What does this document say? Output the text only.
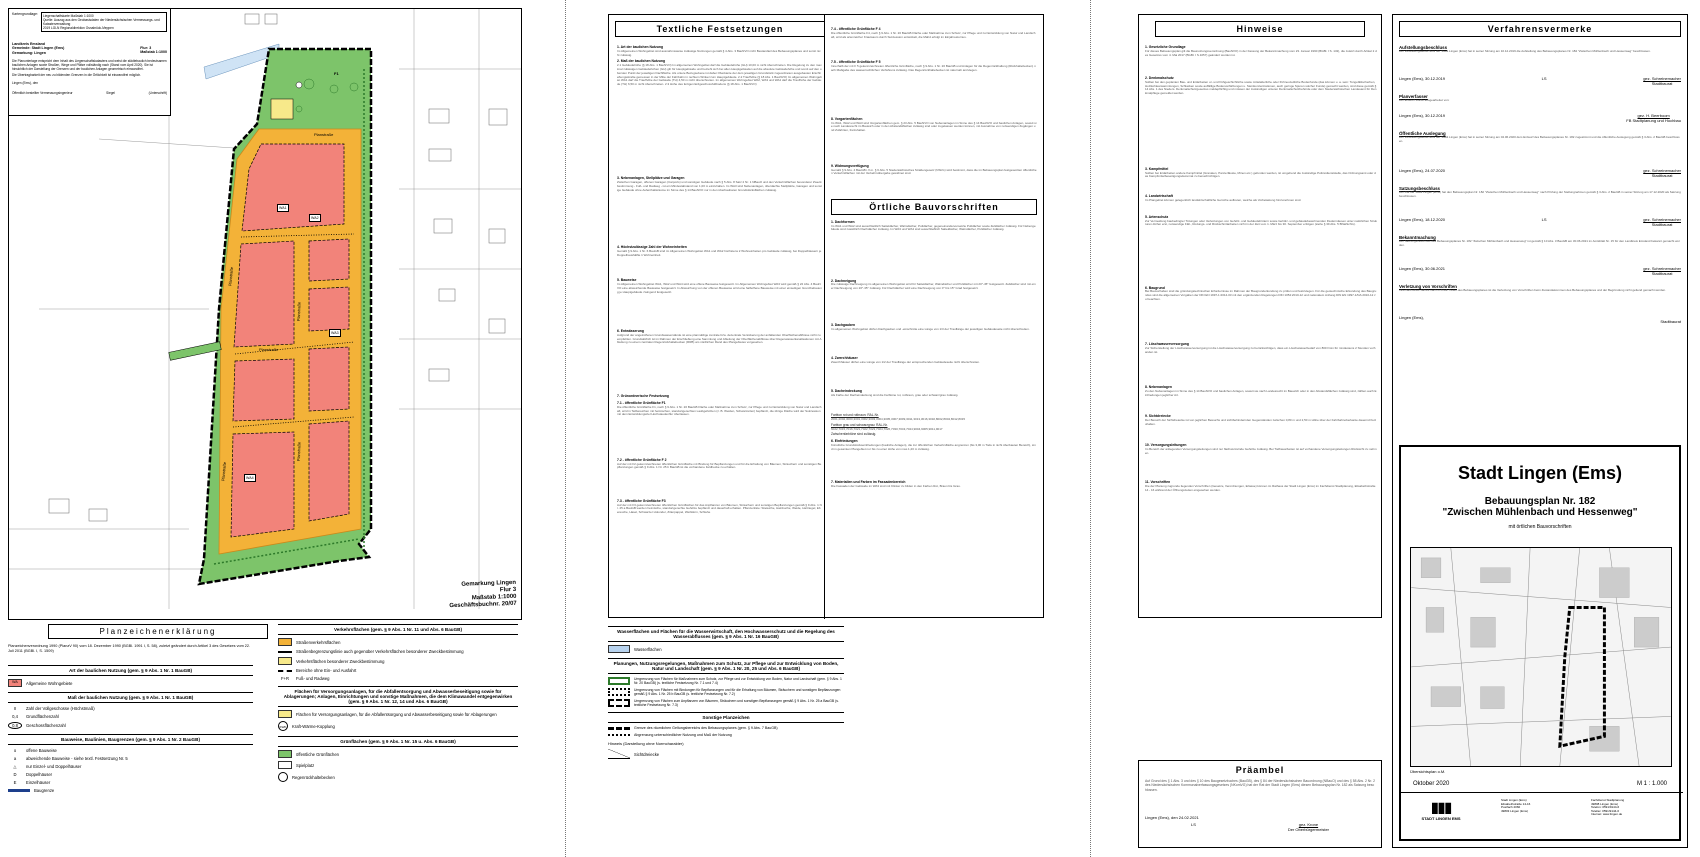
Kartengrundlage: Liegenschaftskarte Maßstab 1:1000
Quelle: Auszug aus den Geobasisdaten der Niedersächsischen Vermessungs- und Katasterverwaltung
2019 LGLN Regionaldirektion Osnabrück-Meppen
Landkreis Emsland
Gemeinde: Stadt Lingen (Ems)
Gemarkung: Lingen
Flur: 3
Maßstab 1:1000
Die Planunterlage entspricht dem Inhalt des Liegenschaftskatasters und weist die städtebaulich bedeutsamen baulichen Anlagen sowie Straßen, Wege und Plätze vollständig nach (Stand vom April 2020). Sie ist hinsichtlich der Darstellung der Grenzen und der baulichen Anlagen geometrisch einwandfrei.
Die Übertragbarkeit der neu zu bildenden Grenzen in die Örtlichkeit ist einwandfrei möglich.
Lingen (Ems), den
Öffentlich bestellter Vermessungsingenieur	Siegel	(Unterschrift)
Planstraße
Planstraße
Planstraße
Planstraße
Planstraße
Planstraße
WA1
WA2
WA3
WA4
F1
Gemarkung Lingen
Flur 3
Maßstab 1:1000
Geschäftsbuchnr. 20/07
Planzeichenerklärung
Planzeichenverordnung 1990 (PlanzV 90) vom 18. Dezember 1990 (BGBl. 1991 I, S. 58), zuletzt geändert durch Artikel 3 des Gesetzes vom 22. Juli 2011 (BGBl. I, S. 1509)
Art der baulichen Nutzung (gem. § 9 Abs. 1 Nr. 1 BauGB)
WA	Allgemeine Wohngebiete
Maß der baulichen Nutzung (gem. § 9 Abs. 1 Nr. 1 BauGB)
II	Zahl der Vollgeschosse (Höchstmaß)
0,4	Grundflächenzahl
0,8	Geschossflächenzahl
Bauweise, Baulinien, Baugrenzen (gem. § 9 Abs. 1 Nr. 2 BauGB)
o	offene Bauweise
a	abweichende Bauweise - siehe textl. Festsetzung Nr. 5
△	nur Einzel- und Doppelhäuser
D	Doppelhäuser
E	Einzelhäuser
Baugrenze
Verkehrsflächen (gem. § 9 Abs. 1 Nr. 11 und Abs. 6 BauGB)
Straßenverkehrsflächen
Straßenbegrenzungslinie auch gegenüber Verkehrsflächen besonderer Zweckbestimmung
Verkehrsflächen besonderer Zweckbestimmung
Bereiche ohne Ein- und Ausfahrt
F+R	Fuß- und Radweg
Flächen für Versorgungsanlagen, für die Abfallentsorgung und Abwasserbeseitigung sowie für Ablagerungen; Anlagen, Einrichtungen und sonstige Maßnahmen, die dem Klimawandel entgegenwirken (gem. § 9 Abs. 1 Nr. 12, 14 und Abs. 6 BauGB)
Flächen für Versorgungsanlagen, für die Abfallentsorgung und Abwasserbeseitigung sowie für Ablagerungen
KWK	Kraft-Wärme-Kopplung
Grünflächen (gem. § 9 Abs. 1 Nr. 15 u. Abs. 6 BauGB)
öffentliche Grünflächen
Spielplatz
Regenrückhaltebecken
Textliche Festsetzungen
1. Art der baulichen Nutzung
Im Allgemeinen Wohngebiet sind ausnahmsweise zulässige Nutzungen gemäß § 4 Abs. 3 BauNVO nicht Bestandteil des Bebauungsplanes und somit nicht zulässig.
2. Maß der baulichen Nutzung
2.1 Gebäudehöhe (§ 18 Abs. 1 BauNVO) Im allgemeinen Wohngebiet darf die Gebäudehöhe (GH) 10,00 m nicht überschreiten. Die Regelung zu den maximal zulässigen Gebäudehöhen (GH) gilt für Hauptgebäude und bezieht sich bei allen Hauptgebäuden auf die absolute Gebäudehöhe und somit auf den obersten Punkt der jeweiligen Dachfläche. Als untere Bezugsebene ist dabei Oberkante der dem jeweiligen Grundstück zugeordneten ausgebauten Erschließungsstraße gemessen in der Mitte der Fahrbahn in rechtem Winkel zum Hauptgebäude. 2.2 Traufhöhe (§ 18 Abs. 1 BauNVO) Im allgemeinen Wohngebiet WA1 darf die Traufhöhe der Gebäude (TH) 4,50 m nicht überschreiten. Im allgemeinen Wohngebiet WA2, WA3 und WA4 darf die Traufhöhe der Gebäude (TH) 6,50 m nicht überschreiten. 2.3 Höhe des fertigen Erdgeschossfußbodens (§ 18 Abs. 1 BauNVO)
3. Nebenanlagen, Stellplätze und Garagen
Zwischen Garagen, offenen Garagen (Carports) und sonstigen Gebäude nach § 5 Abs. 8 Satz 2 Nr. 1 NBauO und den Verkehrsflächen besonderer Zweckbestimmung - Fuß- und Radweg - ist ein Mindestabstand von 1,00 m einzuhalten. Im WA3 sind Nebenanlagen, überdachte Stellplätze, Garagen und sonstige Gebäude ohne Aufenthaltsräume im Sinne des § 14 BauNVO nur in den überbaubaren Grundstücksflächen zulässig.
4. Höchstzulässige Zahl der Wohneinheiten
Gemäß § 9 Abs. 1 Nr. 6 BauGB sind im Allgemeinen Wohngebiet WA1 und WA2 höchstens 2 Wohneinheiten pro Gebäude zulässig, bei Doppelhäusern je Doppelhaushälfte 1 Wohneinheit.
5. Bauweise
Im Allgemeinen Wohngebiet WA1, WA2 und WA4 wird eine offene Bauweise festgesetzt. Im Allgemeinen Wohngebiet WA3 wird gemäß § 22 Abs. 4 BauNVO eine abweichende Bauweise festgesetzt. In Abweichung von der offenen Bauweise wird eine halboffene Bauweise mit einer einseitigen Grenzbebauung je Hauptgebäude zwingend festgesetzt.
6. Entwässerung
Aufgrund der angetroffenen Grundwasserstände ist eine planmäßige zentrale bzw. dezentrale Versickerung der anfallenden Oberflächenabflüsse nicht zu empfehlen. Grundsätzlich ist im Rahmen der Erschließung eine Sammlung und Ableitung der Oberflächenabflüsse über Regenwasserkanalisationen mit Ableitung zu einem zentralen Regenrückhaltebecken (RRB) am nördlichen Rand des Plangebietes vorgesehen.
7. Grünordnerische Festsetzung
7.1 - öffentliche Grünfläche F1
Die öffentliche Grünfläche F1, nach § 9 Abs. 1 Nr. 20 BauGB Fläche oder Maßnahme zum Schutz, zur Pflege und zur Entwicklung von Natur und Landschaft, wird in Teilbereichen mit heimischen, standortgerechten Laubgehölzen (z. B. Weiden, Schwarzerlen) bepflanzt, die übrige Fläche wird der Sukzession mit dem Entwicklungsziel Hochstaudenflur überlassen.
7.2 - öffentliche Grünfläche F 2
Auf der mit F2 gekennzeichneten öffentlichen Grünfläche mit Bindung für Bepflanzungen und für die Erhaltung von Bäumen, Sträuchern und sonstigen Bepflanzungen gemäß § 9 Abs. 1 Nr. 25 b BauGB ist die vorhandene Feldhecke zu erhalten.
7.3 - öffentliche Grünfläche F3
Auf der mit F3 gekennzeichneten öffentlichen Grünflächen für das Anpflanzen von Bäumen, Sträuchern und sonstigen Bepflanzungen gemäß § 9 Abs. 1 Nr. 25 a BauGB werden heimische, standortgerechte Gehölze bepflanzt und dauerhaft erhalten. Pflanzenliste: Stieleiche, Hainbuche, Weide, Hartriegel, Eberesche, Hasel, Schwarzer Holunder, Zitterpappel, Weißdorn, Schlehe
7.4 - öffentliche Grünfläche F 4
Die öffentliche Grünfläche F4, nach § 9 Abs. 1 Nr. 20 BauGB Fläche oder Maßnahme zum Schutz, zur Pflege und zur Entwicklung von Natur und Landschaft, wird als artenreicher Krautsaum durch Sukzession entwickelt, die Mahd erfolgt im Einjahresturnus.
7.5 - öffentliche Grünfläche F 5
Innerhalb der mit F 5 gekennzeichneten öffentliche Grünfläche, nach § 9 Abs. 1 Nr. 20 BauGB und Anlagen für die Regenrückhaltung (Rückhaltebecken) nach Maßgabe des wasserrechtlichen Verfahrens zulässig. Das Regenrückhaltebecken ist naturnah anzulegen.
8. Vorgartenflächen
Im WA1, WA2 und WA3 sind Vorgartenflächen gem. § 23 Abs. 5 BauNVO von Nebenanlagen im Sinne des § 14 BauNVO und baulichen Anlagen, soweit sie nach Landesrecht im Bauwich oder in den Abstandsflächen zulässig sind oder zugelassen werden können, mit Ausnahme von notwendigen Zugängen und Zufahrten, freizuhalten.
9. Widmungsverfügung
Gemäß § 9 Abs. 4 BauGB i.V.m. § 6 Abs. 5 Niedersächsisches Straßengesetz (NStrG) wird bestimmt, dass die im Bebauungsplan festgesetzten öffentlichen Verkehrsflächen mit der Verkehrsübergabe gewidmet sind.
Örtliche Bauvorschriften
1. Dachformen
Im WA1 und WA2 sind ausschließlich Satteldächer, Walmdächer, Pultdächer, gegeneinanderversetzte Pultdächer sowie Zeltdächer zulässig. Für Nebengebäude sind zusätzlich Flachdächer zulässig. Im WA3 und WA4 sind ausschließlich Satteldächer, Walmdächer, Pultdächer zulässig.
2. Dachneigung
Die zulässige Dachneigung im allgemeinen Wohngebiet wird für Satteldächer, Walmdächer und Pultdächer mit 20°-45° festgesetzt. Zeltdächer sind mit einer Dachneigung von 20°-35° zulässig. Für Flachdächer wird eine Dachneigung von 0° bis 15° Grad festgesetzt.
3. Dachgauben
Im allgemeinen Wohngebiet dürfen Dachgauben und -einschnitte eine Länge von 1/3 der Trauflänge der jeweiligen Gebäudeseite nicht überschreiten.
4. Zwerchhäuser
Zwerchhäuser dürfen eine Länge von 1/2 der Trauflänge der entsprechenden Gebäudeseite nicht überschreiten.
5. Dacheindeckung
Als Farbe der Dacheindeckung sind die Farbtöne rot, rotbraun, grau oder schwarzgrau zulässig.
Farbton rot und rotbraun: RAL-Nr.
2001,2002,3000,3001,3002,3003,3004,3005,3007,3009,3011,3013,3016,3032,8002,8004,8012,8015
Farbton grau und schwarzgrau: RAL-Nr.
6022,7015,7016,7021,7022,7023,7024,7026,7030,7043,7044,9004,9005,9011,9017
Zwischenfarbtöne sind zulässig.
6. Einfriedungen
Künstliche Grundstückseinfriedungen (bauliche Anlagen), die zur öffentlichen Verkehrsfläche angrenzen (bis 3,00 m Tiefe in nicht überbauten Bereich), sind im gesamten Plangebiet nur bis zu einer Höhe von max.1,20 m zulässig.
7. Materialien und Farben im Fassadenbereich
Die Fassaden der Gebäude im WA3 sind mit Klinker zu bilden in den Farben Rot, Braun bis Grau.
Wasserflächen und Flächen für die Wasserwirtschaft, den Hochwasserschutz und die Regelung des Wasserabflusses (gem. § 9 Abs. 1 Nr. 16 BauGB)
Wasserflächen
Planungen, Nutzungsregelungen, Maßnahmen zum Schutz, zur Pflege und zur Entwicklung von Boden, Natur und Landschaft (gem. § 9 Abs. 1 Nr. 20, 25 und Abs. 6 BauGB)
Umgrenzung von Flächen für Maßnahmen zum Schutz, zur Pflege und zur Entwicklung von Boden, Natur und Landschaft (gem. § 9 Abs. 1 Nr. 20 BauGB) (s. textliche Festsetzung Nr. 7.1 und 7.4)
Umgrenzung von Flächen mit Bindungen für Bepflanzungen und für die Erhaltung von Bäumen, Sträuchern und sonstigen Bepflanzungen gemäß § 9 Abs. 1 Nr. 25 b BauGB (s. textliche Festsetzung Nr. 7.2)
Umgrenzung von Flächen zum Anpflanzen von Bäumen, Sträuchern und sonstigen Bepflanzungen gemäß § 9 Abs. 1 Nr. 25 a BauGB (s. textliche Festsetzung Nr. 7.3)
Sonstige Planzeichen
Grenze des räumlichen Geltungsbereichs des Bebauungsplanes (gem. § 9 Abs. 7 BauGB)
Abgrenzung unterschiedlicher Nutzung und Maß der Nutzung
Hinweis (Darstellung ohne Normcharakter)
Sichtdreiecke
Hinweise
1. Gesetzliche Grundlage
Für dieses Bebauungsplan gilt die Baunutzungsverordnung (BauNVO) in der Fassung der Bekanntmachung vom 23. Januar 1990 (BGBl. I S. 132), die zuletzt durch Artikel 2 des Gesetzes vom 4. Mai 2017 (BGBl. I S.1057) geändert worden ist.
2. Denkmalschutz
Sollten bei den geplanten Bau- und Erdarbeiten ur- und frühgeschichtliche sowie mittelalterliche oder frühneuzeitliche Bodenfunde (das können u. a. sein: Tongefäßscherben, Holzkohleansammlungen, Schlacken sowie auffällige Bodenverfärbungen u. Steinkonzentrationen, auch geringe Spuren solcher Funde) gemacht werden, sind diese gemäß § 14 Abs. 1 des Nieders. Denkmalschutzgesetzes meldepflichtig und müssen der zuständigen unteren Denkmalschutzbehörde oder dem Niedersächsischen Landesamt für Denkmalpflege gemeldet werden.
3. Kampfmittel
Sollten bei Erdarbeiten andere Kampfmittel (Granaten, Panzerfäuste, Minen etc.) gefunden werden, ist umgehend die zuständige Polizeidienststelle, das Ordnungsamt oder das Kampfmittelbeseitigungsdezernat zu benachrichtigen.
4. Landwirtschaft
Im Plangebiet können gelegentlich landwirtschaftliche Gerüche auftreten, welche als Vorbelastung hinzunehmen sind.
5. Artenschutz
Zur Vermeidung baubedingter Tötungen oder Verletzungen von Gehölz- und Gebäudebrütern sowie Gehölz- und gebäudebewohnenden Fledermäusen unter natürlichen Strukturen dürfen erst, notwendige Fäll-, Rodungs- und Rückschnittarbeiten nicht in der Zeit vom 1. März bis 30. September erfolgen (siehe § 39 Abs. 5 BNatSchG).
6. Baugrund
Bei Bauvorhaben sind die gründungstechnischen Erfordernisse im Rahmen der Baugrunderkundung zu prüfen und festzulegen. Für die geotechnische Erkundung des Baugrundes sind die allgemeinen Vorgaben der DIN EN 1997-1:2014-03 mit den ergänzenden Regelungen DIN 1054:2010-12 und nationalem Anhang DIN EN 1997-1/NA:2010-12 zu beachten.
7. Löschwasserversorgung
Zur Sicherstellung der Löschwasserversorgung ist die Löschwasserversorgung zu berücksichtigen, dass ein Löschwasserbedarf von 800 l/min für mindestens 2 Stunden vorhanden ist.
8. Nebenanlagen
Zu den Nebenanlagen im Sinne des § 14 BauNVO und baulichen Anlagen, soweit sie nach Landesrecht im Bauwich oder in den Abstandsflächen zulässig sind, zählen auch Einfriedungen jeglicher Art.
9. Sichtdreiecke
Der Bereich der Sichtdreiecke ist von jeglichen Bewuchs und sichtbehindernden Gegenständen zwischen 0,80 m und 2,50 m Höhe über der Fahrbahnoberkante dauernd freizuhalten.
10. Versorgungsleitungen
Im Bereich der anliegenden Versorgungsleitungen sind nur flachwurzelnde Gehölze zulässig. Bei Tiefbauarbeiten ist auf vorhandene Versorgungsleitungen Rücksicht zu nehmen.
11. Vorschriften
Die der Planung zugrunde liegenden Vorschriften (Gesetze, Verordnungen, Erlasse) können im Rathaus der Stadt Lingen (Ems) im Fachdienst Stadtplanung, Elisabethstraße 14 - 16 während der Öffnungszeiten eingesehen werden.
Präambel
Auf Grund des § 1 Abs. 3 und des § 10 des Baugesetzbuches (BauGB), des § 84 der Niedersächsischen Bauordnung (NBauO) und des § 58 Abs. 2 Nr. 2 des Niedersächsischen Kommunalverfassungsgesetzes (NKomVG) hat der Rat der Stadt Lingen (Ems) diesen Bebauungsplan Nr. 182 als Satzung beschlossen.
Lingen (Ems), den 24.02.2021
LS	gez. Krone
Der Oberbürgermeister
Verfahrensvermerke
Aufstellungsbeschluss
Der Verwaltungsausschuss der Stadt Lingen (Ems) hat in seiner Sitzung am 10.12.2019 die Aufstellung des Bebauungsplanes Nr. 182 "Zwischen Mühlenbach und Hessenweg" beschlossen.
Lingen (Ems), 30.12.2019	LS	gez. Schreinemacher
Stadtbaurat
Planverfasser
Der Entwurf wurde ausgearbeitet von:
Lingen (Ems), 30.12.2019	gez. H. Beerboom
FB Stadtplanung und Hochbau
Öffentliche Auslegung
Der Verwaltungsausschuss der Stadt Lingen (Ems) hat in seiner Sitzung am 04.06.2020 dem Entwurf des Bebauungsplanes Nr. 182 zugestimmt und die öffentliche Auslegung gemäß § 3 Abs. 2 BauGB beschlossen.
Lingen (Ems), 24.07.2020	gez. Schreinemacher
Stadtbaurat
Satzungsbeschluss
Der Rat der Stadt Lingen (Ems) hat den Bebauungsplan Nr. 182 "Zwischen Mühlenbach und Hessenweg" nach Prüfung der Stellungnahmen gemäß § 3 Abs. 2 BauGB in seiner Sitzung am 17.12.2020 als Satzung beschlossen.
Lingen (Ems), 18.12.2020	LS	gez. Schreinemacher
Stadtbaurat
Bekanntmachung
Der Satzungsbeschluss des Bebauungsplanes Nr. 182 "Zwischen Mühlenbach und Hessenweg" ist gemäß § 10 Abs. 3 BauGB am 30.06.2021 im Amtsblatt Nr. 15 für den Landkreis Emsland bekannt gemacht worden.
Lingen (Ems), 30.06.2021	gez. Schreinemacher
Stadtbaurat
Verletzung von Vorschriften
Innerhalb eines Jahres nach In-Kraft-Treten des Bebauungsplanes ist die Verletzung von Vorschriften beim Zustandekommen des Bebauungsplanes und der Begründung nicht geltend gemacht worden.
Lingen (Ems),
Stadtbaurat
Stadt Lingen (Ems)
Bebauungsplan Nr. 182
"Zwischen Mühlenbach und Hessenweg"
mit örtlichen Bauvorschriften
Übersichtsplan o.M.
Oktober 2020	M 1 : 1.000
▮▮▮
STADT LINGEN EMS
Stadt Lingen (Ems)
Elisabethstraße 14-16
Postfach 2060
49803 Lingen (Ems)
Fachdienst Stadtplanung
49808 Lingen (Ems)
Telefon: 0591/9144-6
Telefax: 0591/9144-6
Internet: www.lingen.de
